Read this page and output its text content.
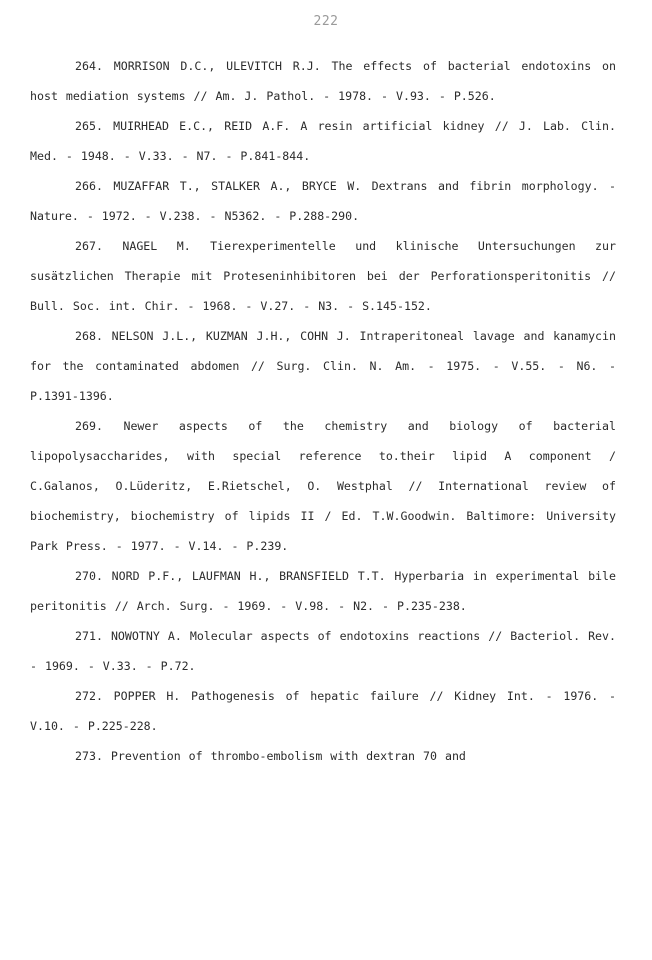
222

264. MORRISON D.C., ULEVITCH R.J. The effects of bacterial endotoxins on host mediation systems // Am. J. Pathol. - 1978. - V.93. - P.526.

265. MUIRHEAD E.C., REID A.F. A resin artificial kidney // J. Lab. Clin. Med. - 1948. - V.33. - N7. - P.841-844.

266. MUZAFFAR T., STALKER A., BRYCE W. Dextrans and fibrin morphology. - Nature. - 1972. - V.238. - N5362. - P.288-290.

267. NAGEL M. Tierexperimentelle und klinische Untersuchungen zur susätzlichen Therapie mit Proteseninhibitoren bei der Perforationsperitonitis // Bull. Soc. int. Chir. - 1968. - V.27. - N3. - S.145-152.

268. NELSON J.L., KUZMAN J.H., COHN J. Intraperitoneal lavage and kanamycin for the contaminated abdomen // Surg. Clin. N. Am. - 1975. - V.55. - N6. - P.1391-1396.

269. Newer aspects of the chemistry and biology of bacterial lipopolysaccharides, with special reference to.their lipid A component / C.Galanos, O.Lüderitz, E.Rietschel, O. Westphal // International review of biochemistry, biochemistry of lipids II / Ed. T.W.Goodwin. Baltimore: University Park Press. - 1977. - V.14. - P.239.

270. NORD P.F., LAUFMAN H., BRANSFIELD T.T. Hyperbaria in experimental bile peritonitis // Arch. Surg. - 1969. - V.98. - N2. - P.235-238.

271. NOWOTNY A. Molecular aspects of endotoxins reactions // Bacteriol. Rev. - 1969. - V.33. - P.72.

272. POPPER H. Pathogenesis of hepatic failure // Kidney Int. - 1976. - V.10. - P.225-228.

273. Prevention of thrombo-embolism with dextran 70 and
